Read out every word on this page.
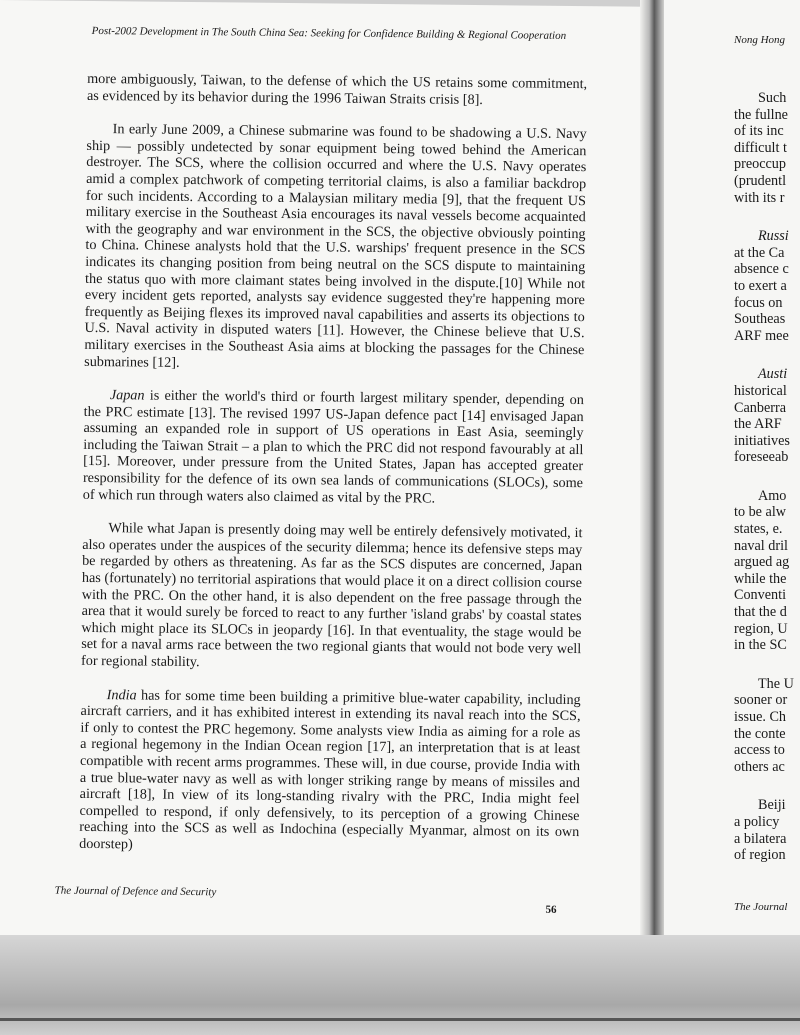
Post-2002 Development in The South China Sea: Seeking for Confidence Building & Regional Cooperation

more ambiguously, Taiwan, to the defense of which the US retains some commitment, as evidenced by its behavior during the 1996 Taiwan Straits crisis [8].

In early June 2009, a Chinese submarine was found to be shadowing a U.S. Navy ship — possibly undetected by sonar equipment being towed behind the American destroyer. The SCS, where the collision occurred and where the U.S. Navy operates amid a complex patchwork of competing territorial claims, is also a familiar backdrop for such incidents. According to a Malaysian military media [9], that the frequent US military exercise in the Southeast Asia encourages its naval vessels become acquainted with the geography and war environment in the SCS, the objective obviously pointing to China. Chinese analysts hold that the U.S. warships' frequent presence in the SCS indicates its changing position from being neutral on the SCS dispute to maintaining the status quo with more claimant states being involved in the dispute.[10] While not every incident gets reported, analysts say evidence suggested they're happening more frequently as Beijing flexes its improved naval capabilities and asserts its objections to U.S. Naval activity in disputed waters [11]. However, the Chinese believe that U.S. military exercises in the Southeast Asia aims at blocking the passages for the Chinese submarines [12].

Japan is either the world's third or fourth largest military spender, depending on the PRC estimate [13]. The revised 1997 US-Japan defence pact [14] envisaged Japan assuming an expanded role in support of US operations in East Asia, seemingly including the Taiwan Strait – a plan to which the PRC did not respond favourably at all [15]. Moreover, under pressure from the United States, Japan has accepted greater responsibility for the defence of its own sea lands of communications (SLOCs), some of which run through waters also claimed as vital by the PRC.

While what Japan is presently doing may well be entirely defensively motivated, it also operates under the auspices of the security dilemma; hence its defensive steps may be regarded by others as threatening. As far as the SCS disputes are concerned, Japan has (fortunately) no territorial aspirations that would place it on a direct collision course with the PRC. On the other hand, it is also dependent on the free passage through the area that it would surely be forced to react to any further 'island grabs' by coastal states which might place its SLOCs in jeopardy [16]. In that eventuality, the stage would be set for a naval arms race between the two regional giants that would not bode very well for regional stability.

India has for some time been building a primitive blue-water capability, including aircraft carriers, and it has exhibited interest in extending its naval reach into the SCS, if only to contest the PRC hegemony. Some analysts view India as aiming for a role as a regional hegemony in the Indian Ocean region [17], an interpretation that is at least compatible with recent arms programmes. These will, in due course, provide India with a true blue-water navy as well as with longer striking range by means of missiles and aircraft [18], In view of its long-standing rivalry with the PRC, India might feel compelled to respond, if only defensively, to its perception of a growing Chinese reaching into the SCS as well as Indochina (especially Myanmar, almost on its own doorstep)

The Journal of Defence and Security
56
Nong Hong
Such
the fullne
of its inc
difficult t
preoccup
(prudentl
with its r
Russi
at the Ca
absence c
to exert a
focus on
Southeas
ARF mee
Austi
historical
Canberra
the ARF
initiatives
foreseeab
Amo
to be alw
states, e.
naval dril
argued ag
while the
Conventi
that the d
region, U
in the SC
The U
sooner or
issue. Ch
the conte
access to
others ac
Beiji
a policy
a bilatera
of region
The Journal
